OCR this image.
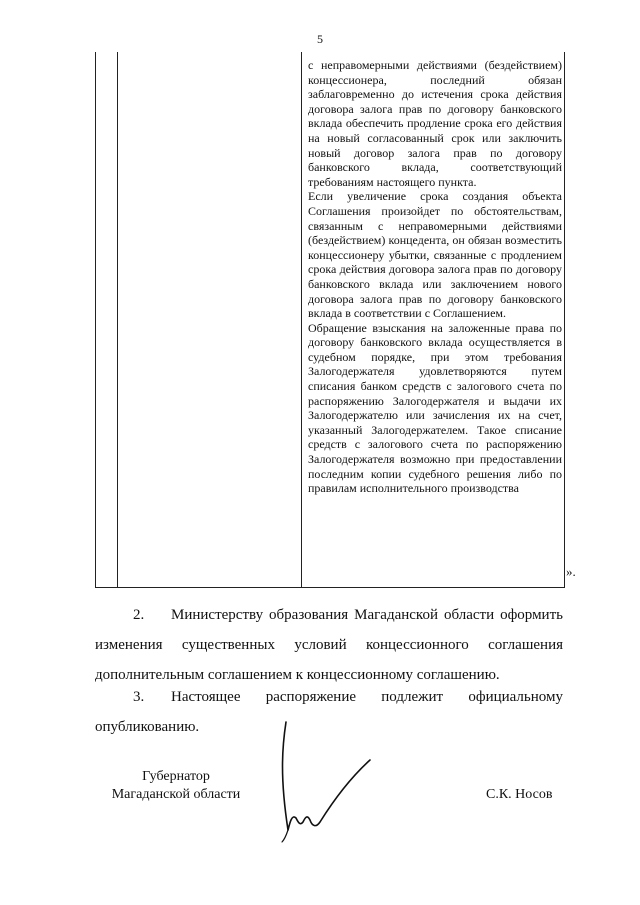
5

с неправомерными действиями (бездействием) концессионера, последний обязан заблаговременно до истечения срока действия договора залога прав по договору банковского вклада обеспечить продление срока его действия на новый согласованный срок или заключить новый договор залога прав по договору банковского вклада, соответствующий требованиям настоящего пункта.

Если увеличение срока создания объекта Соглашения произойдет по обстоятельствам, связанным с неправомерными действиями (бездействием) концедента, он обязан возместить концессионеру убытки, связанные с продлением срока действия договора залога прав по договору банковского вклада или заключением нового договора залога прав по договору банковского вклада в соответствии с Соглашением.

Обращение взыскания на заложенные права по договору банковского вклада осуществляется в судебном порядке, при этом требования Залогодержателя удовлетворяются путем списания банком средств с залогового счета по распоряжению Залогодержателя и выдачи их Залогодержателю или зачисления их на счет, указанный Залогодержателем. Такое списание средств с залогового счета по распоряжению Залогодержателя возможно при предоставлении последним копии судебного решения либо по правилам исполнительного производства

».
2. Министерству образования Магаданской области оформить изменения существенных условий концессионного соглашения дополнительным соглашением к концессионному соглашению.
3. Настоящее распоряжение подлежит официальному опубликованию.
Губернатор
Магаданской области	С.К. Носов
